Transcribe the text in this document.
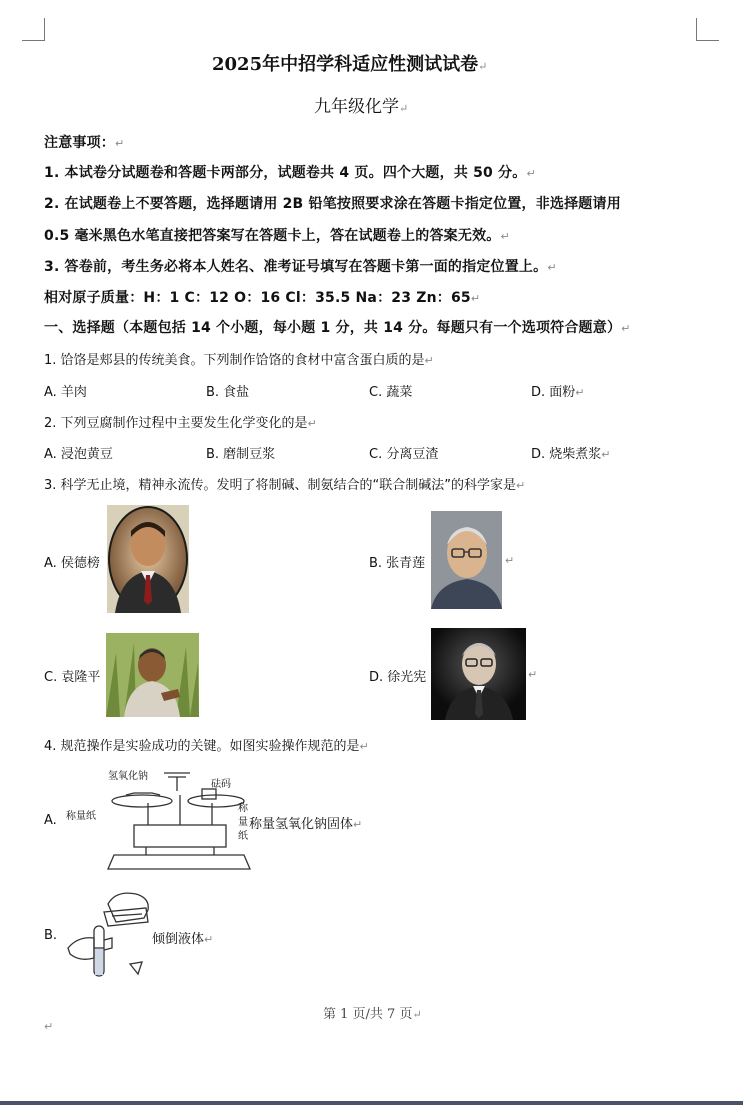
2025年中招学科适应性测试试卷↵
九年级化学↵
注意事项：↵
1. 本试卷分试题卷和答题卡两部分，试题卷共 4 页。四个大题，共 50 分。↵
2. 在试题卷上不要答题，选择题请用 2B 铅笔按照要求涂在答题卡指定位置，非选择题请用
0.5 毫米黑色水笔直接把答案写在答题卡上，答在试题卷上的答案无效。↵
3. 答卷前，考生务必将本人姓名、准考证号填写在答题卡第一面的指定位置上。↵
相对原子质量：H：1 C：12 O：16 Cl：35.5 Na：23 Zn：65↵
一、选择题（本题包括 14 个小题，每小题 1 分，共 14 分。每题只有一个选项符合题意）↵
1. 饸饹是郏县的传统美食。下列制作饸饹的食材中富含蛋白质的是↵
A. 羊肉	B. 食盐	C. 蔬菜	D. 面粉↵
2. 下列豆腐制作过程中主要发生化学变化的是↵
A. 浸泡黄豆	B. 磨制豆浆	C. 分离豆渣	D. 烧柴煮浆↵
3. 科学无止境，精神永流传。发明了将制碱、制氨结合的“联合制碱法”的科学家是↵
A. 侯德榜	B. 张青莲	↵
C. 袁隆平	D. 徐光宪	↵
4. 规范操作是实验成功的关键。如图实验操作规范的是↵
A.
氢氧化钠
砝码
称量纸
称
量
纸
称量氢氧化钠固体↵
B.	倾倒液体↵
第 1 页/共 7 页↵
↵
